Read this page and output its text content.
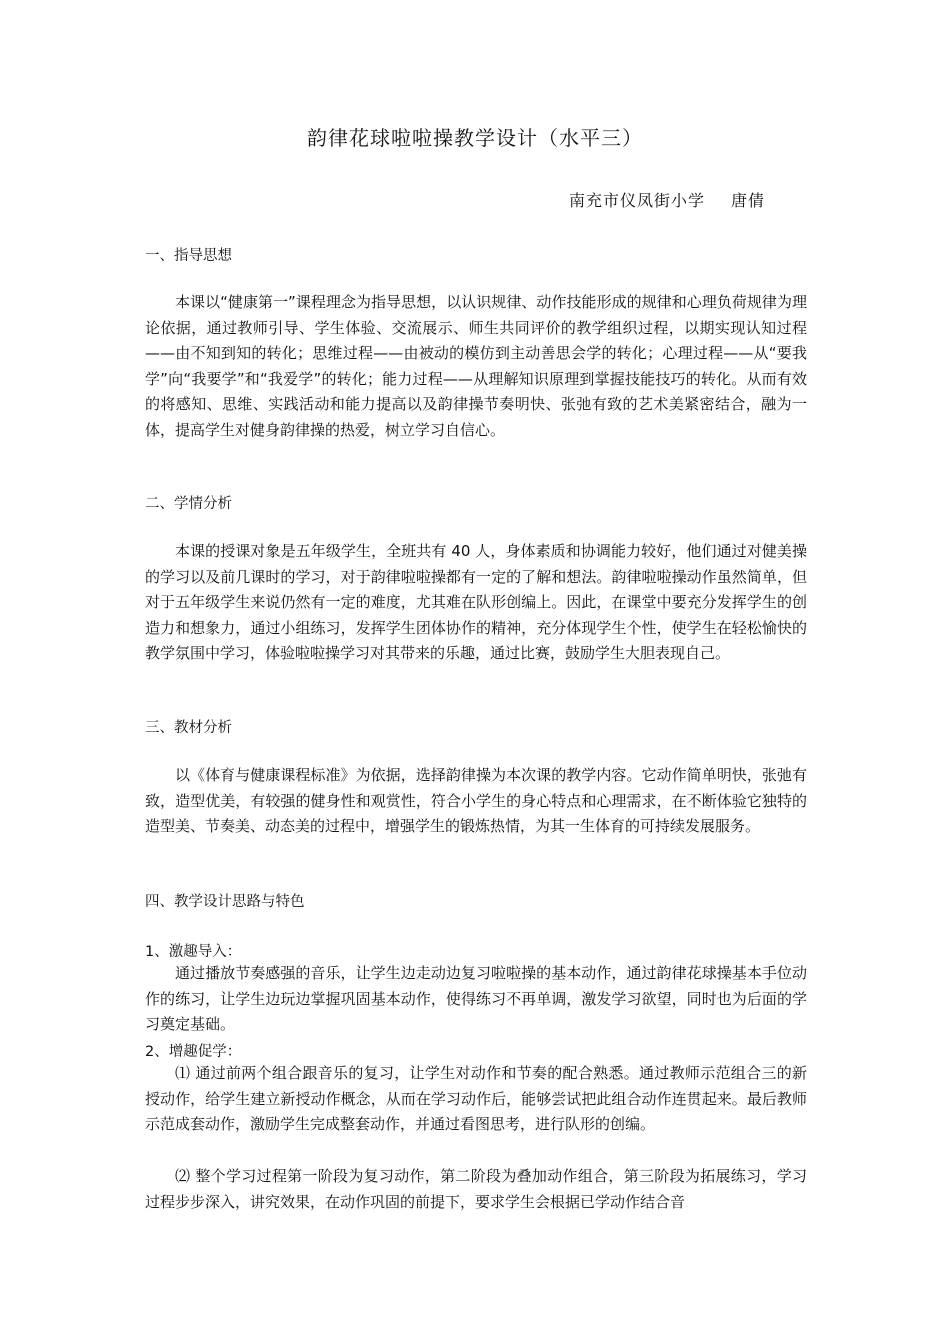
韵律花球啦啦操教学设计（水平三）
南充市仪凤街小学 唐倩
一、指导思想
本课以“健康第一”课程理念为指导思想，以认识规律、动作技能形成的规律和心理负荷规律为理论依据，通过教师引导、学生体验、交流展示、师生共同评价的教学组织过程，以期实现认知过程——由不知到知的转化；思维过程——由被动的模仿到主动善思会学的转化；心理过程——从“要我学”向“我要学”和“我爱学”的转化；能力过程——从理解知识原理到掌握技能技巧的转化。从而有效的将感知、思维、实践活动和能力提高以及韵律操节奏明快、张弛有致的艺术美紧密结合，融为一体，提高学生对健身韵律操的热爱，树立学习自信心。
二、学情分析
本课的授课对象是五年级学生，全班共有 40 人，身体素质和协调能力较好，他们通过对健美操的学习以及前几课时的学习，对于韵律啦啦操都有一定的了解和想法。韵律啦啦操动作虽然简单，但对于五年级学生来说仍然有一定的难度，尤其难在队形创编上。因此，在课堂中要充分发挥学生的创造力和想象力，通过小组练习，发挥学生团体协作的精神，充分体现学生个性，使学生在轻松愉快的教学氛围中学习，体验啦啦操学习对其带来的乐趣，通过比赛，鼓励学生大胆表现自己。
三、教材分析
以《体育与健康课程标准》为依据，选择韵律操为本次课的教学内容。它动作简单明快，张弛有致，造型优美，有较强的健身性和观赏性，符合小学生的身心特点和心理需求，在不断体验它独特的造型美、节奏美、动态美的过程中，增强学生的锻炼热情，为其一生体育的可持续发展服务。
四、教学设计思路与特色
1、激趣导入：
通过播放节奏感强的音乐，让学生边走动边复习啦啦操的基本动作，通过韵律花球操基本手位动作的练习，让学生边玩边掌握巩固基本动作，使得练习不再单调，激发学习欲望，同时也为后面的学习奠定基础。
2、增趣促学：
⑴ 通过前两个组合跟音乐的复习，让学生对动作和节奏的配合熟悉。通过教师示范组合三的新授动作，给学生建立新授动作概念，从而在学习动作后，能够尝试把此组合动作连贯起来。最后教师示范成套动作，激励学生完成整套动作，并通过看图思考，进行队形的创编。
⑵ 整个学习过程第一阶段为复习动作，第二阶段为叠加动作组合，第三阶段为拓展练习，学习过程步步深入，讲究效果，在动作巩固的前提下，要求学生会根据已学动作结合音
